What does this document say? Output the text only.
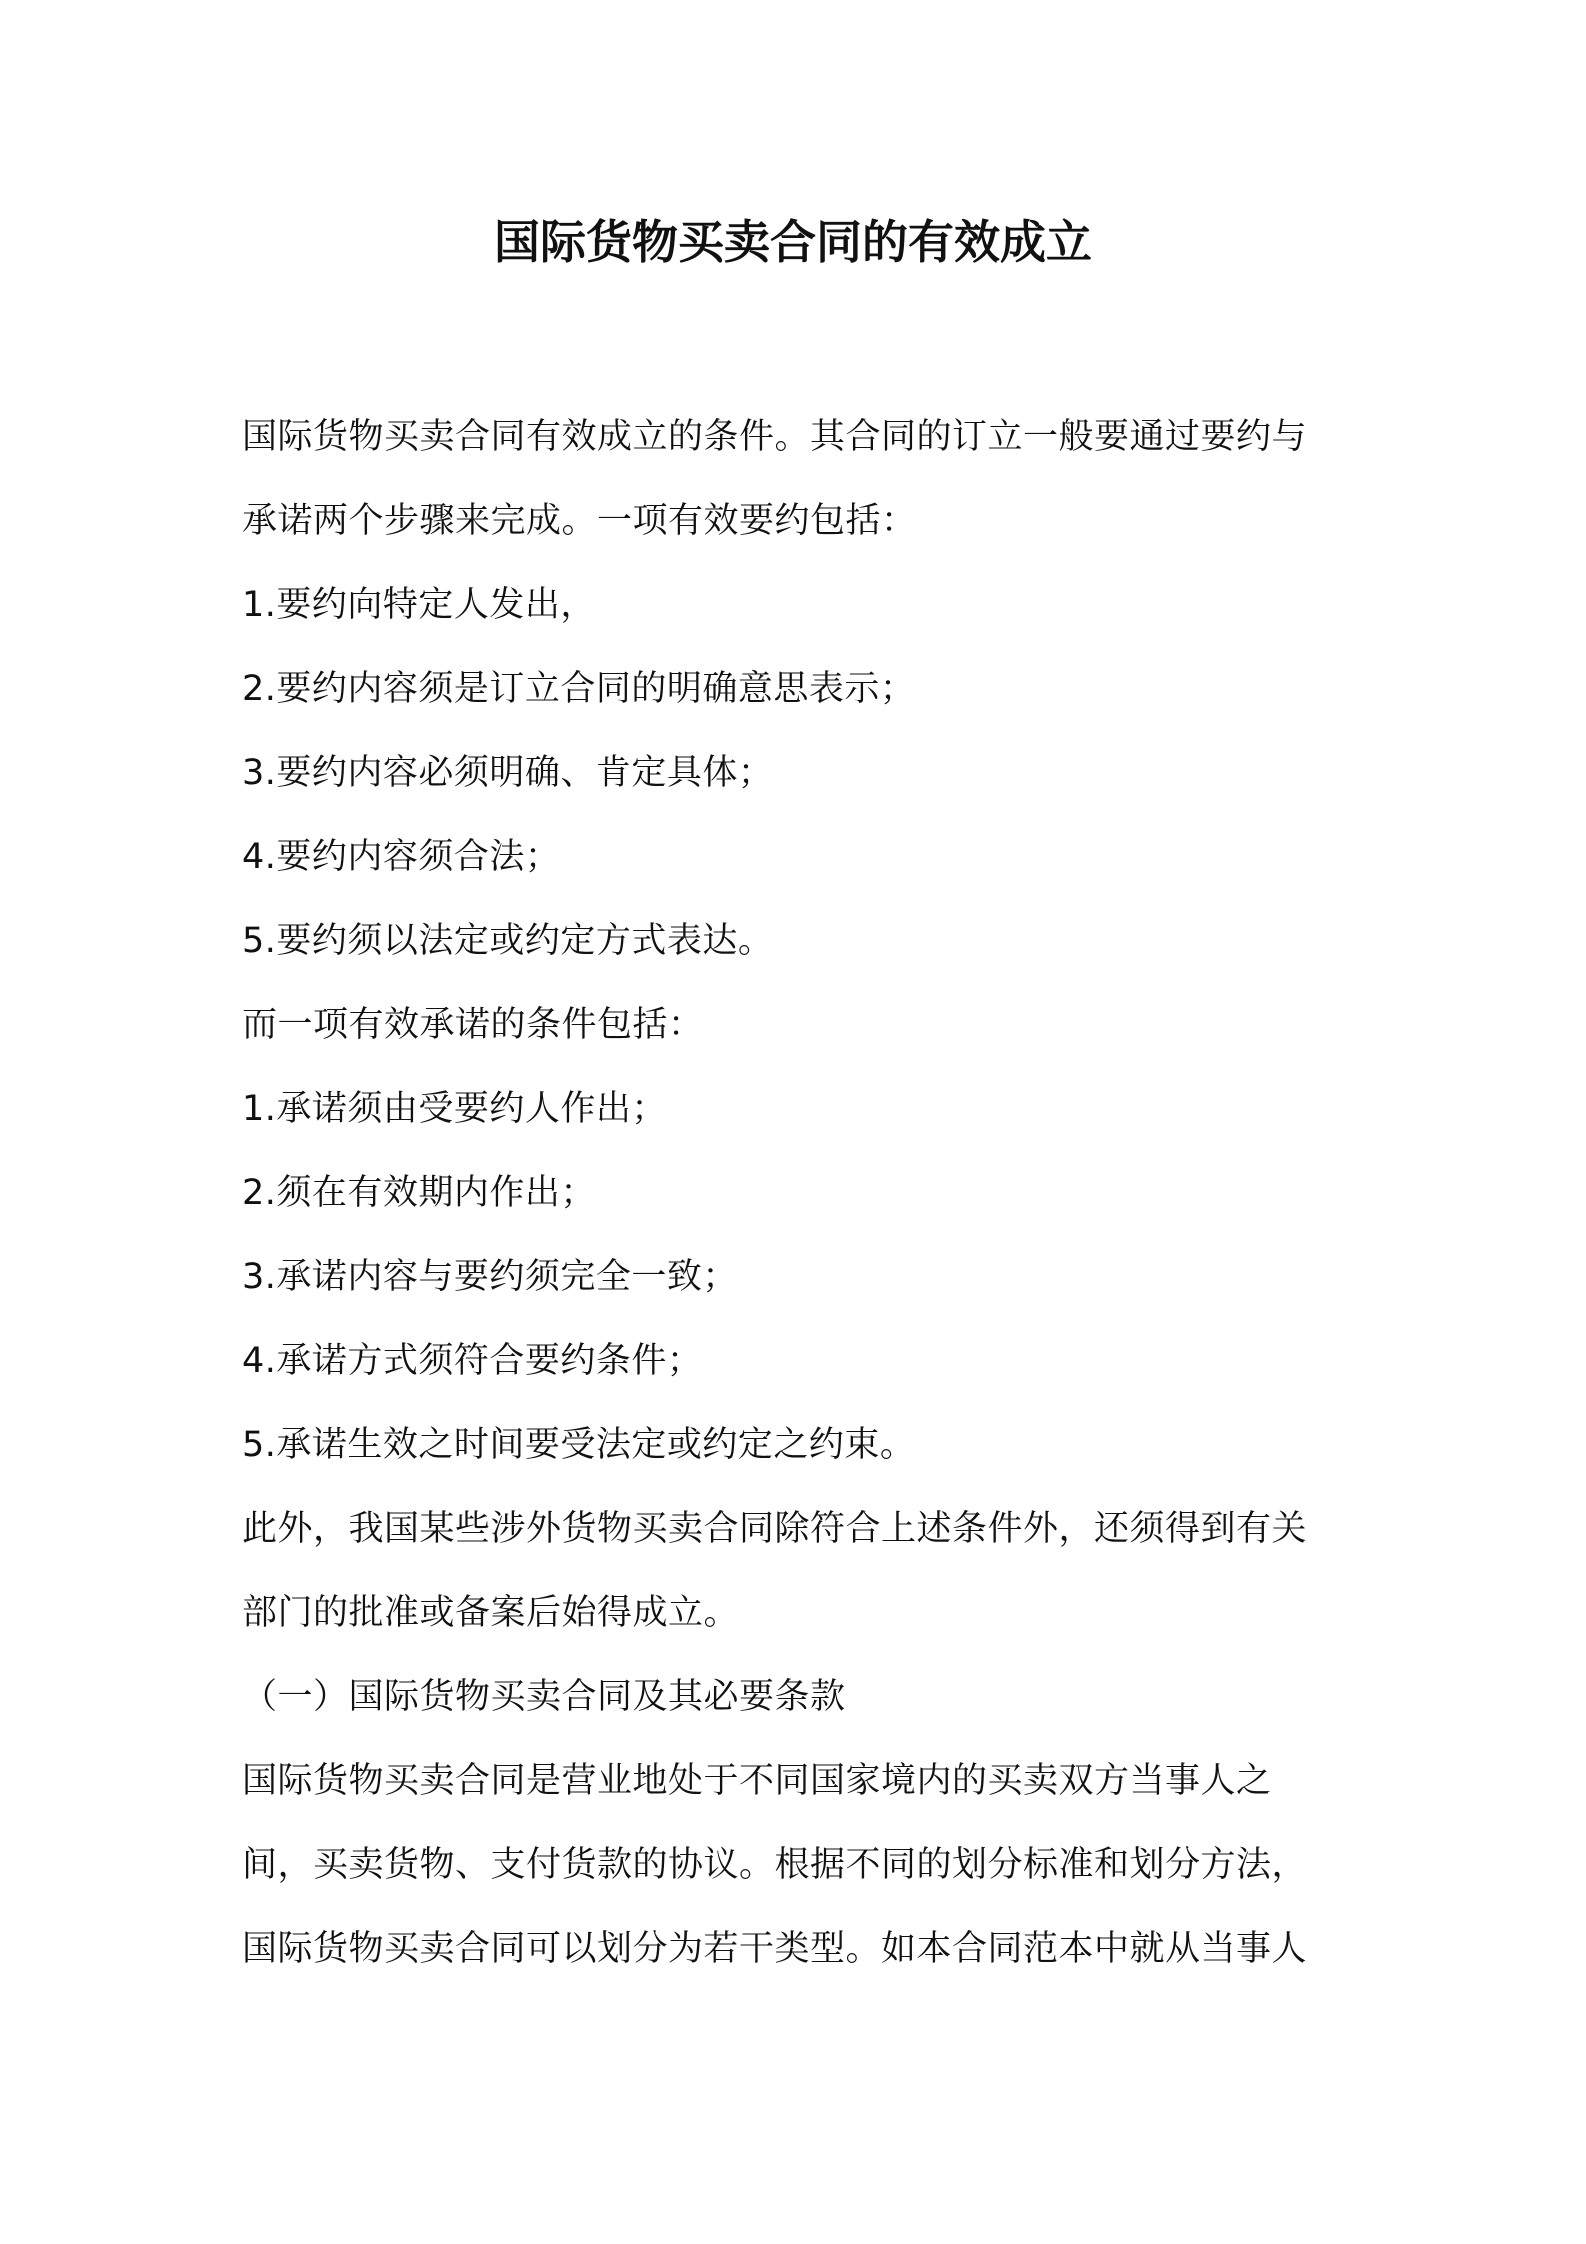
国际货物买卖合同的有效成立
国际货物买卖合同有效成立的条件。其合同的订立一般要通过要约与
承诺两个步骤来完成。一项有效要约包括：
1.要约向特定人发出，
2.要约内容须是订立合同的明确意思表示；
3.要约内容必须明确、肯定具体；
4.要约内容须合法；
5.要约须以法定或约定方式表达。
而一项有效承诺的条件包括：
1.承诺须由受要约人作出；
2.须在有效期内作出；
3.承诺内容与要约须完全一致；
4.承诺方式须符合要约条件；
5.承诺生效之时间要受法定或约定之约束。
此外，我国某些涉外货物买卖合同除符合上述条件外，还须得到有关
部门的批准或备案后始得成立。
（一）国际货物买卖合同及其必要条款
国际货物买卖合同是营业地处于不同国家境内的买卖双方当事人之
间，买卖货物、支付货款的协议。根据不同的划分标准和划分方法，
国际货物买卖合同可以划分为若干类型。如本合同范本中就从当事人
